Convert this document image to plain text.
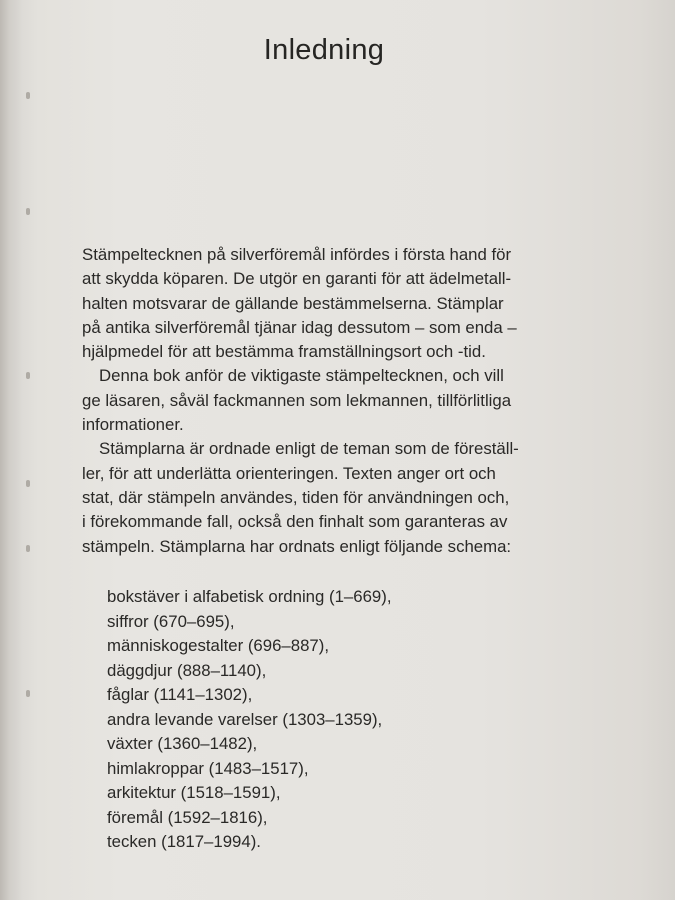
Inledning

Stämpeltecknen på silverföremål infördes i första hand för
att skydda köparen. De utgör en garanti för att ädelmetall-
halten motsvarar de gällande bestämmelserna. Stämplar
på antika silverföremål tjänar idag dessutom – som enda –
hjälpmedel för att bestämma framställningsort och -tid.

Denna bok anför de viktigaste stämpeltecknen, och vill
ge läsaren, såväl fackmannen som lekmannen, tillförlitliga
informationer.

Stämplarna är ordnade enligt de teman som de föreställ-
ler, för att underlätta orienteringen. Texten anger ort och
stat, där stämpeln användes, tiden för användningen och,
i förekommande fall, också den finhalt som garanteras av
stämpeln. Stämplarna har ordnats enligt följande schema:

bokstäver i alfabetisk ordning (1–669),
siffror (670–695),
människogestalter (696–887),
däggdjur (888–1140),
fåglar (1141–1302),
andra levande varelser (1303–1359),
växter (1360–1482),
himlakroppar (1483–1517),
arkitektur (1518–1591),
föremål (1592–1816),
tecken (1817–1994).
